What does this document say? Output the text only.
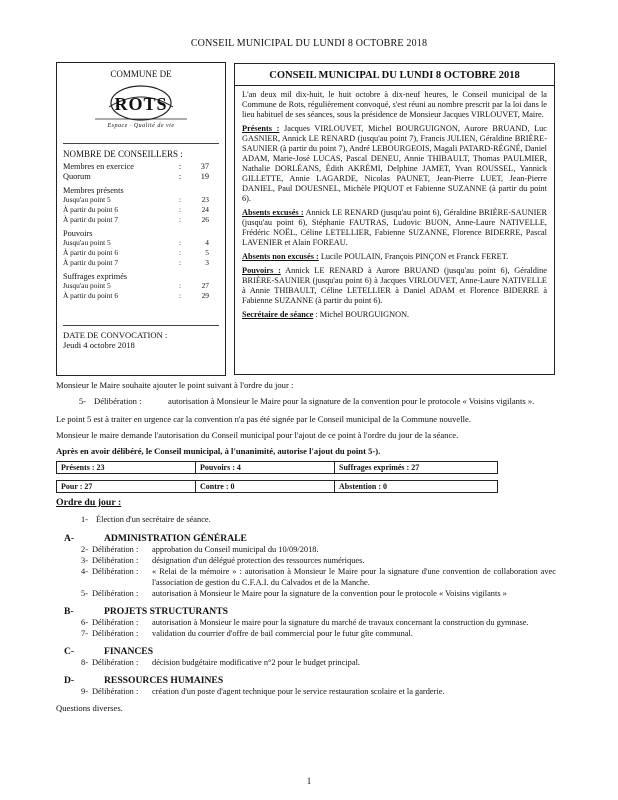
CONSEIL MUNICIPAL DU LUNDI 8 OCTOBRE 2018
COMMUNE DE
ROTS
Espace · Qualité de vie
NOMBRE DE CONSEILLERS :
Membres en exercice	:	37
Quorum	:	19
Membres présents
Jusqu'au point 5	:	23
À partir du point 6	:	24
À partir du point 7	:	26
Pouvoirs
Jusqu'au point 5	:	4
À partir du point 6	:	5
À partir du point 7	:	3
Suffrages exprimés
Jusqu'au point 5	:	27
À partir du point 6	:	29
DATE DE CONVOCATION :
Jeudi 4 octobre 2018
CONSEIL MUNICIPAL DU LUNDI 8 OCTOBRE 2018

L'an deux mil dix-huit, le huit octobre à dix-neuf heures, le Conseil municipal de la Commune de Rots, régulièrement convoqué, s'est réuni au nombre prescrit par la loi dans le lieu habituel de ses séances, sous la présidence de Monsieur Jacques VIRLOUVET, Maire.

Présents : Jacques VIRLOUVET, Michel BOURGUIGNON, Aurore BRUAND, Luc GASNIER, Annick LE RENARD (jusqu'au point 7), Francis JULIEN, Géraldine BRIÈRE-SAUNIER (à partir du point 7), André LEBOURGEOIS, Magali PATARD-RÉGNÉ, Daniel ADAM, Marie-José LUCAS, Pascal DENEU, Annie THIBAULT, Thomas PAULMIER, Nathalie DORLÉANS, Édith AKRÉMI, Delphine JAMET, Yvan ROUSSEL, Yannick GILLETTE, Annie LAGARDE, Nicolas PAUNET, Jean-Pierre LUET, Jean-Pierre DANIEL, Paul DOUESNEL, Michèle PIQUOT et Fabienne SUZANNE (à partir du point 6).

Absents excusés : Annick LE RENARD (jusqu'au point 6), Géraldine BRIÈRE-SAUNIER (jusqu'au point 6), Stéphanie FAUTRAS, Ludovic BUON, Anne-Laure NATIVELLE, Frédéric NOËL, Céline LETELLIER, Fabienne SUZANNE, Florence BIDERRE, Pascal LAVENIER et Alain FOREAU.

Absents non excusés : Lucile POULAIN, François PINÇON et Franck FERET.

Pouvoirs : Annick LE RENARD à Aurore BRUAND (jusqu'au point 6), Géraldine BRIÈRE-SAUNIER (jusqu'au point 6) à Jacques VIRLOUVET, Anne-Laure NATIVELLE à Annie THIBAULT, Céline LETELLIER à Daniel ADAM et Florence BIDERRE à Fabienne SUZANNE (à partir du point 6).

Secrétaire de séance : Michel BOURGUIGNON.

Monsieur le Maire souhaite ajouter le point suivant à l'ordre du jour :
5- Délibération :	autorisation à Monsieur le Maire pour la signature de la convention pour le protocole « Voisins vigilants ».
Le point 5 est à traiter en urgence car la convention n'a pas été signée par le Conseil municipal de la Commune nouvelle.
Monsieur le maire demande l'autorisation du Conseil municipal pour l'ajout de ce point à l'ordre du jour de la séance.
Après en avoir délibéré, le Conseil municipal, à l'unanimité, autorise l'ajout du point 5-).
Présents : 23	Pouvoirs : 4	Suffrages exprimés : 27
Pour : 27	Contre : 0	Abstention : 0
Ordre du jour :
1- Élection d'un secrétaire de séance.
A-	ADMINISTRATION GÉNÉRALE
2- Délibération :	approbation du Conseil municipal du 10/09/2018.
3- Délibération :	désignation d'un délégué protection des ressources numériques.
4- Délibération :	« Relai de la mémoire » : autorisation à Monsieur le Maire pour la signature d'une convention de collaboration avec l'association de gestion du C.F.A.I. du Calvados et de la Manche.
5- Délibération :	autorisation à Monsieur le Maire pour la signature de la convention pour le protocole « Voisins vigilants »
B-	PROJETS STRUCTURANTS
6- Délibération :	autorisation à Monsieur le maire pour la signature du marché de travaux concernant la construction du gymnase.
7- Délibération :	validation du courrier d'offre de bail commercial pour le futur gîte communal.
C-	FINANCES
8- Délibération :	décision budgétaire modificative n°2 pour le budget principal.
D-	RESSOURCES HUMAINES
9- Délibération :	création d'un poste d'agent technique pour le service restauration scolaire et la garderie.
Questions diverses.
1
